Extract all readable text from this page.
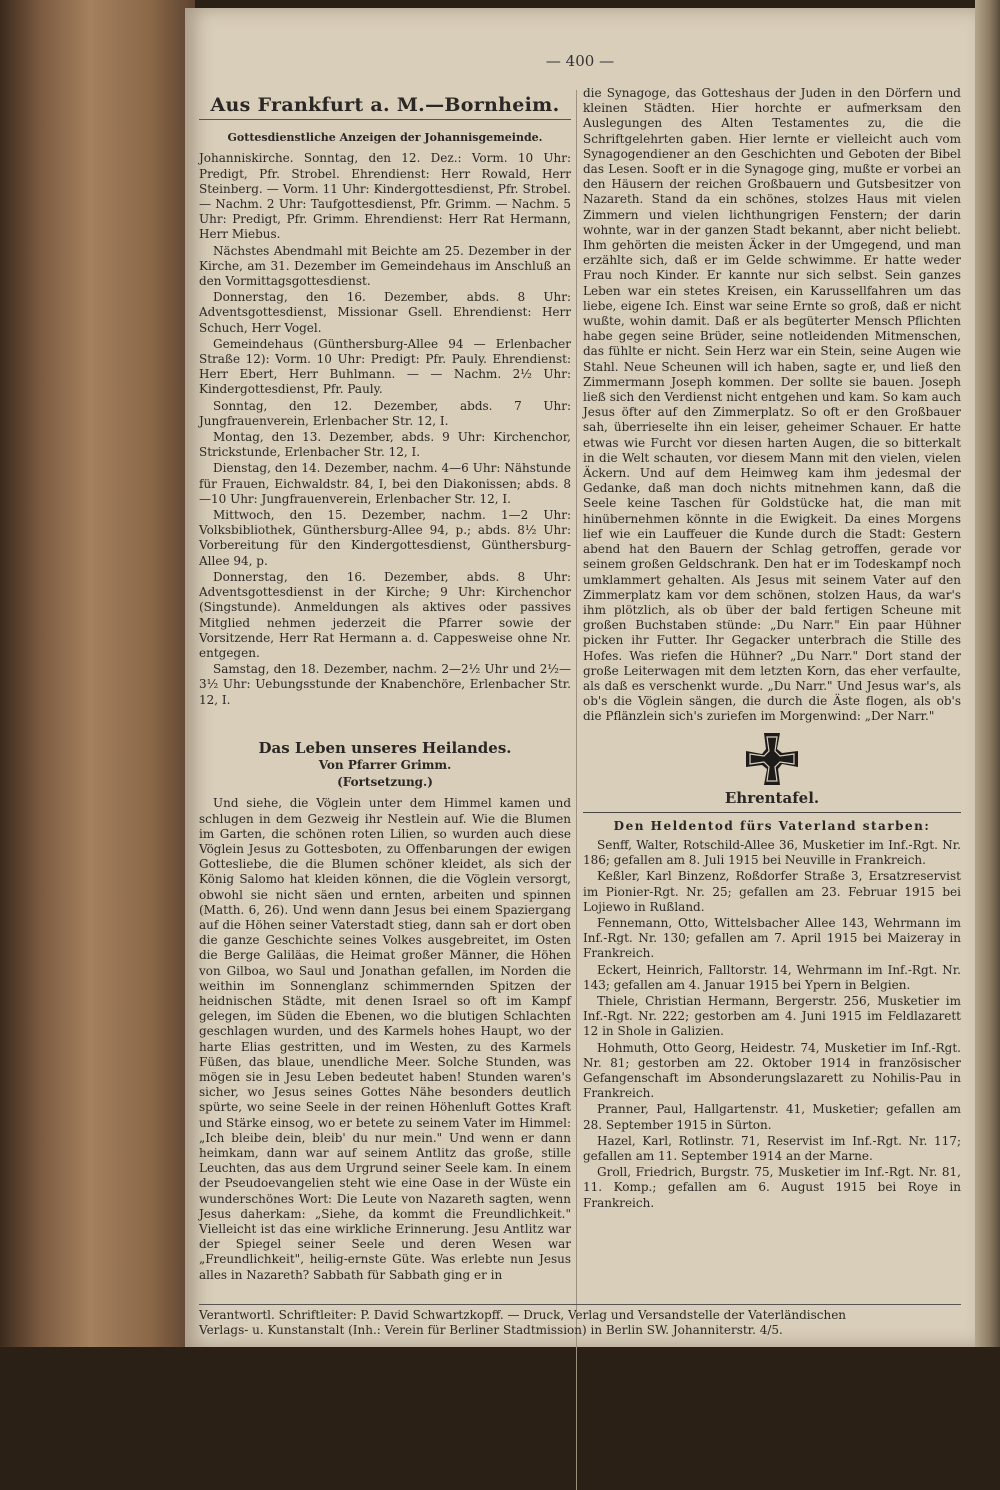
— 400 —
Aus Frankfurt a. M.—Bornheim.
Gottesdienstliche Anzeigen der Johannisgemeinde.

Johanniskirche. Sonntag, den 12. Dez.: Vorm. 10 Uhr: Predigt, Pfr. Strobel. Ehrendienst: Herr Rowald, Herr Steinberg. — Vorm. 11 Uhr: Kindergottesdienst, Pfr. Strobel. — Nachm. 2 Uhr: Taufgottesdienst, Pfr. Grimm. — Nachm. 5 Uhr: Predigt, Pfr. Grimm. Ehrendienst: Herr Rat Hermann, Herr Miebus.

Nächstes Abendmahl mit Beichte am 25. Dezember in der Kirche, am 31. Dezember im Gemeindehaus im Anschluß an den Vormittagsgottesdienst.

Donnerstag, den 16. Dezember, abds. 8 Uhr: Adventsgottesdienst, Missionar Gsell. Ehrendienst: Herr Schuch, Herr Vogel.

Gemeindehaus (Günthersburg-Allee 94 — Erlenbacher Straße 12): Vorm. 10 Uhr: Predigt: Pfr. Pauly. Ehrendienst: Herr Ebert, Herr Buhlmann. — — Nachm. 2½ Uhr: Kindergottesdienst, Pfr. Pauly.

Sonntag, den 12. Dezember, abds. 7 Uhr: Jungfrauenverein, Erlenbacher Str. 12, I.

Montag, den 13. Dezember, abds. 9 Uhr: Kirchenchor, Strickstunde, Erlenbacher Str. 12, I.

Dienstag, den 14. Dezember, nachm. 4—6 Uhr: Nähstunde für Frauen, Eichwaldstr. 84, I, bei den Diakonissen; abds. 8—10 Uhr: Jungfrauenverein, Erlenbacher Str. 12, I.

Mittwoch, den 15. Dezember, nachm. 1—2 Uhr: Volksbibliothek, Günthersburg-Allee 94, p.; abds. 8½ Uhr: Vorbereitung für den Kindergottesdienst, Günthersburg-Allee 94, p.

Donnerstag, den 16. Dezember, abds. 8 Uhr: Adventsgottesdienst in der Kirche; 9 Uhr: Kirchenchor (Singstunde). Anmeldungen als aktives oder passives Mitglied nehmen jederzeit die Pfarrer sowie der Vorsitzende, Herr Rat Hermann a. d. Cappesweise ohne Nr. entgegen.

Samstag, den 18. Dezember, nachm. 2—2½ Uhr und 2½—3½ Uhr: Uebungsstunde der Knabenchöre, Erlenbacher Str. 12, I.

Das Leben unseres Heilandes.
Von Pfarrer Grimm.
(Fortsetzung.)

Und siehe, die Vöglein unter dem Himmel kamen und schlugen in dem Gezweig ihr Nestlein auf. Wie die Blumen im Garten, die schönen roten Lilien, so wurden auch diese Vöglein Jesus zu Gottesboten, zu Offenbarungen der ewigen Gottesliebe, die die Blumen schöner kleidet, als sich der König Salomo hat kleiden können, die die Vöglein versorgt, obwohl sie nicht säen und ernten, arbeiten und spinnen (Matth. 6, 26). Und wenn dann Jesus bei einem Spaziergang auf die Höhen seiner Vaterstadt stieg, dann sah er dort oben die ganze Geschichte seines Volkes ausgebreitet, im Osten die Berge Galiläas, die Heimat großer Männer, die Höhen von Gilboa, wo Saul und Jonathan gefallen, im Norden die weithin im Sonnenglanz schimmernden Spitzen der heidnischen Städte, mit denen Israel so oft im Kampf gelegen, im Süden die Ebenen, wo die blutigen Schlachten geschlagen wurden, und des Karmels hohes Haupt, wo der harte Elias gestritten, und im Westen, zu des Karmels Füßen, das blaue, unendliche Meer. Solche Stunden, was mögen sie in Jesu Leben bedeutet haben! Stunden waren's sicher, wo Jesus seines Gottes Nähe besonders deutlich spürte, wo seine Seele in der reinen Höhenluft Gottes Kraft und Stärke einsog, wo er betete zu seinem Vater im Himmel: „Ich bleibe dein, bleib' du nur mein." Und wenn er dann heimkam, dann war auf seinem Antlitz das große, stille Leuchten, das aus dem Urgrund seiner Seele kam. In einem der Pseudoevangelien steht wie eine Oase in der Wüste ein wunderschönes Wort: Die Leute von Nazareth sagten, wenn Jesus daherkam: „Siehe, da kommt die Freundlichkeit." Vielleicht ist das eine wirkliche Erinnerung. Jesu Antlitz war der Spiegel seiner Seele und deren Wesen war „Freundlichkeit", heilig-ernste Güte. Was erlebte nun Jesus alles in Nazareth? Sabbath für Sabbath ging er in

die Synagoge, das Gotteshaus der Juden in den Dörfern und kleinen Städten. Hier horchte er aufmerksam den Auslegungen des Alten Testamentes zu, die die Schriftgelehrten gaben. Hier lernte er vielleicht auch vom Synagogendiener an den Geschichten und Geboten der Bibel das Lesen. Sooft er in die Synagoge ging, mußte er vorbei an den Häusern der reichen Großbauern und Gutsbesitzer von Nazareth. Stand da ein schönes, stolzes Haus mit vielen Zimmern und vielen lichthungrigen Fenstern; der darin wohnte, war in der ganzen Stadt bekannt, aber nicht beliebt. Ihm gehörten die meisten Äcker in der Umgegend, und man erzählte sich, daß er im Gelde schwimme. Er hatte weder Frau noch Kinder. Er kannte nur sich selbst. Sein ganzes Leben war ein stetes Kreisen, ein Karussellfahren um das liebe, eigene Ich. Einst war seine Ernte so groß, daß er nicht wußte, wohin damit. Daß er als begüterter Mensch Pflichten habe gegen seine Brüder, seine notleidenden Mitmenschen, das fühlte er nicht. Sein Herz war ein Stein, seine Augen wie Stahl. Neue Scheunen will ich haben, sagte er, und ließ den Zimmermann Joseph kommen. Der sollte sie bauen. Joseph ließ sich den Verdienst nicht entgehen und kam. So kam auch Jesus öfter auf den Zimmerplatz. So oft er den Großbauer sah, überrieselte ihn ein leiser, geheimer Schauer. Er hatte etwas wie Furcht vor diesen harten Augen, die so bitterkalt in die Welt schauten, vor diesem Mann mit den vielen, vielen Äckern. Und auf dem Heimweg kam ihm jedesmal der Gedanke, daß man doch nichts mitnehmen kann, daß die Seele keine Taschen für Goldstücke hat, die man mit hinübernehmen könnte in die Ewigkeit. Da eines Morgens lief wie ein Lauffeuer die Kunde durch die Stadt: Gestern abend hat den Bauern der Schlag getroffen, gerade vor seinem großen Geldschrank. Den hat er im Todeskampf noch umklammert gehalten. Als Jesus mit seinem Vater auf den Zimmerplatz kam vor dem schönen, stolzen Haus, da war's ihm plötzlich, als ob über der bald fertigen Scheune mit großen Buchstaben stünde: „Du Narr." Ein paar Hühner picken ihr Futter. Ihr Gegacker unterbrach die Stille des Hofes. Was riefen die Hühner? „Du Narr." Dort stand der große Leiterwagen mit dem letzten Korn, das eher verfaulte, als daß es verschenkt wurde. „Du Narr." Und Jesus war's, als ob's die Vöglein sängen, die durch die Äste flogen, als ob's die Pflänzlein sich's zuriefen im Morgenwind: „Der Narr."

Ehrentafel.
Den Heldentod fürs Vaterland starben:

Senff, Walter, Rotschild-Allee 36, Musketier im Inf.-Rgt. Nr. 186; gefallen am 8. Juli 1915 bei Neuville in Frankreich.

Keßler, Karl Binzenz, Roßdorfer Straße 3, Ersatzreservist im Pionier-Rgt. Nr. 25; gefallen am 23. Februar 1915 bei Lojiewo in Rußland.

Fennemann, Otto, Wittelsbacher Allee 143, Wehrmann im Inf.-Rgt. Nr. 130; gefallen am 7. April 1915 bei Maizeray in Frankreich.

Eckert, Heinrich, Falltorstr. 14, Wehrmann im Inf.-Rgt. Nr. 143; gefallen am 4. Januar 1915 bei Ypern in Belgien.

Thiele, Christian Hermann, Bergerstr. 256, Musketier im Inf.-Rgt. Nr. 222; gestorben am 4. Juni 1915 im Feldlazarett 12 in Shole in Galizien.

Hohmuth, Otto Georg, Heidestr. 74, Musketier im Inf.-Rgt. Nr. 81; gestorben am 22. Oktober 1914 in französischer Gefangenschaft im Absonderungslazarett zu Nohilis-Pau in Frankreich.

Pranner, Paul, Hallgartenstr. 41, Musketier; gefallen am 28. September 1915 in Sürton.

Hazel, Karl, Rotlinstr. 71, Reservist im Inf.-Rgt. Nr. 117; gefallen am 11. September 1914 an der Marne.

Groll, Friedrich, Burgstr. 75, Musketier im Inf.-Rgt. Nr. 81, 11. Komp.; gefallen am 6. August 1915 bei Roye in Frankreich.

Verantwortl. Schriftleiter: P. David Schwartzkopff. — Druck, Verlag und Versandstelle der Vaterländischen
Verlags- u. Kunstanstalt (Inh.: Verein für Berliner Stadtmission) in Berlin SW. Johanniterstr. 4/5.
